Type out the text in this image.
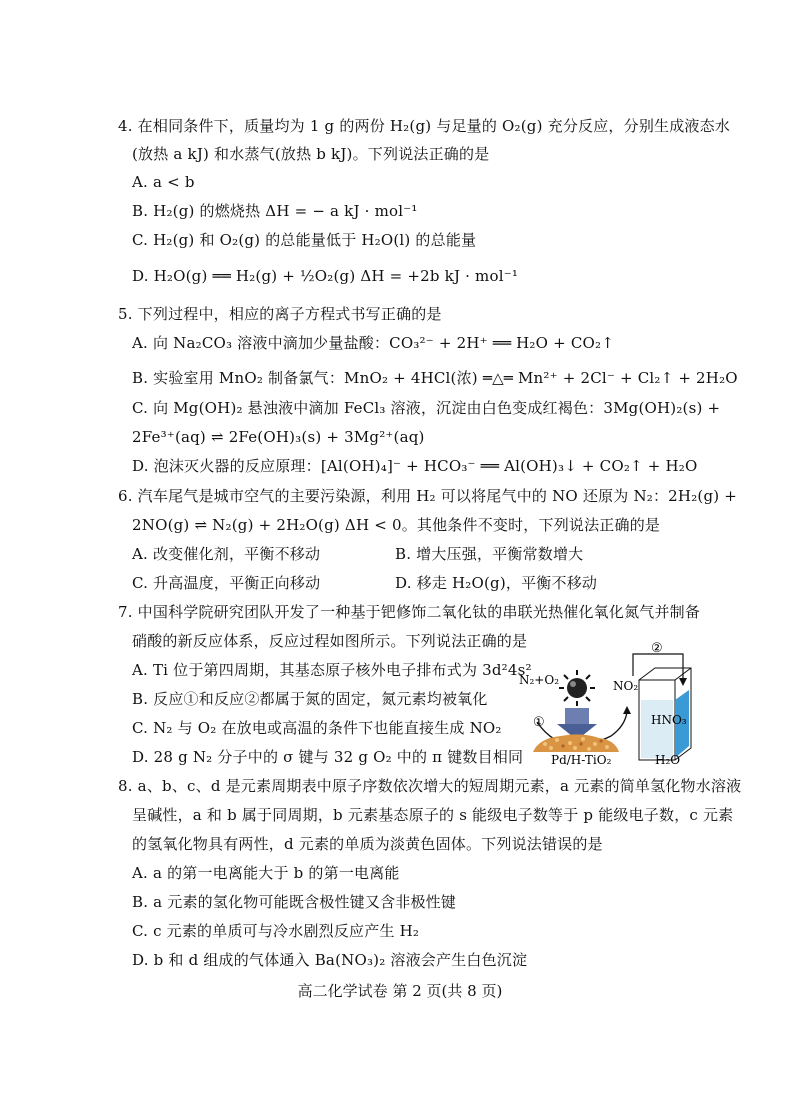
4. 在相同条件下，质量均为 1 g 的两份 H₂(g) 与足量的 O₂(g) 充分反应，分别生成液态水
(放热 a kJ) 和水蒸气(放热 b kJ)。下列说法正确的是
A. a < b
B. H₂(g) 的燃烧热 ΔH = − a kJ · mol⁻¹
C. H₂(g) 和 O₂(g) 的总能量低于 H₂O(l) 的总能量
D. H₂O(g) ══ H₂(g) + ½O₂(g) ΔH = +2b kJ · mol⁻¹
5. 下列过程中，相应的离子方程式书写正确的是
A. 向 Na₂CO₃ 溶液中滴加少量盐酸：CO₃²⁻ + 2H⁺ ══ H₂O + CO₂↑
B. 实验室用 MnO₂ 制备氯气：MnO₂ + 4HCl(浓) ═△═ Mn²⁺ + 2Cl⁻ + Cl₂↑ + 2H₂O
C. 向 Mg(OH)₂ 悬浊液中滴加 FeCl₃ 溶液，沉淀由白色变成红褐色：3Mg(OH)₂(s) +
2Fe³⁺(aq) ⇌ 2Fe(OH)₃(s) + 3Mg²⁺(aq)
D. 泡沫灭火器的反应原理：[Al(OH)₄]⁻ + HCO₃⁻ ══ Al(OH)₃↓ + CO₂↑ + H₂O
6. 汽车尾气是城市空气的主要污染源，利用 H₂ 可以将尾气中的 NO 还原为 N₂：2H₂(g) +
2NO(g) ⇌ N₂(g) + 2H₂O(g) ΔH < 0。其他条件不变时，下列说法正确的是
A. 改变催化剂，平衡不移动	B. 增大压强，平衡常数增大
C. 升高温度，平衡正向移动	D. 移走 H₂O(g)，平衡不移动
7. 中国科学院研究团队开发了一种基于钯修饰二氧化钛的串联光热催化氧化氮气并制备
硝酸的新反应体系，反应过程如图所示。下列说法正确的是
A. Ti 位于第四周期，其基态原子核外电子排布式为 3d²4s²
B. 反应①和反应②都属于氮的固定，氮元素均被氧化
C. N₂ 与 O₂ 在放电或高温的条件下也能直接生成 NO₂
D. 28 g N₂ 分子中的 σ 键与 32 g O₂ 中的 π 键数目相同
N₂+O₂	NO₂
HNO₃
H₂O
Pd/H-TiO₂
①
②
8. a、b、c、d 是元素周期表中原子序数依次增大的短周期元素，a 元素的简单氢化物水溶液
呈碱性，a 和 b 属于同周期，b 元素基态原子的 s 能级电子数等于 p 能级电子数，c 元素
的氢氧化物具有两性，d 元素的单质为淡黄色固体。下列说法错误的是
A. a 的第一电离能大于 b 的第一电离能
B. a 元素的氢化物可能既含极性键又含非极性键
C. c 元素的单质可与冷水剧烈反应产生 H₂
D. b 和 d 组成的气体通入 Ba(NO₃)₂ 溶液会产生白色沉淀
高二化学试卷 第 2 页(共 8 页)
